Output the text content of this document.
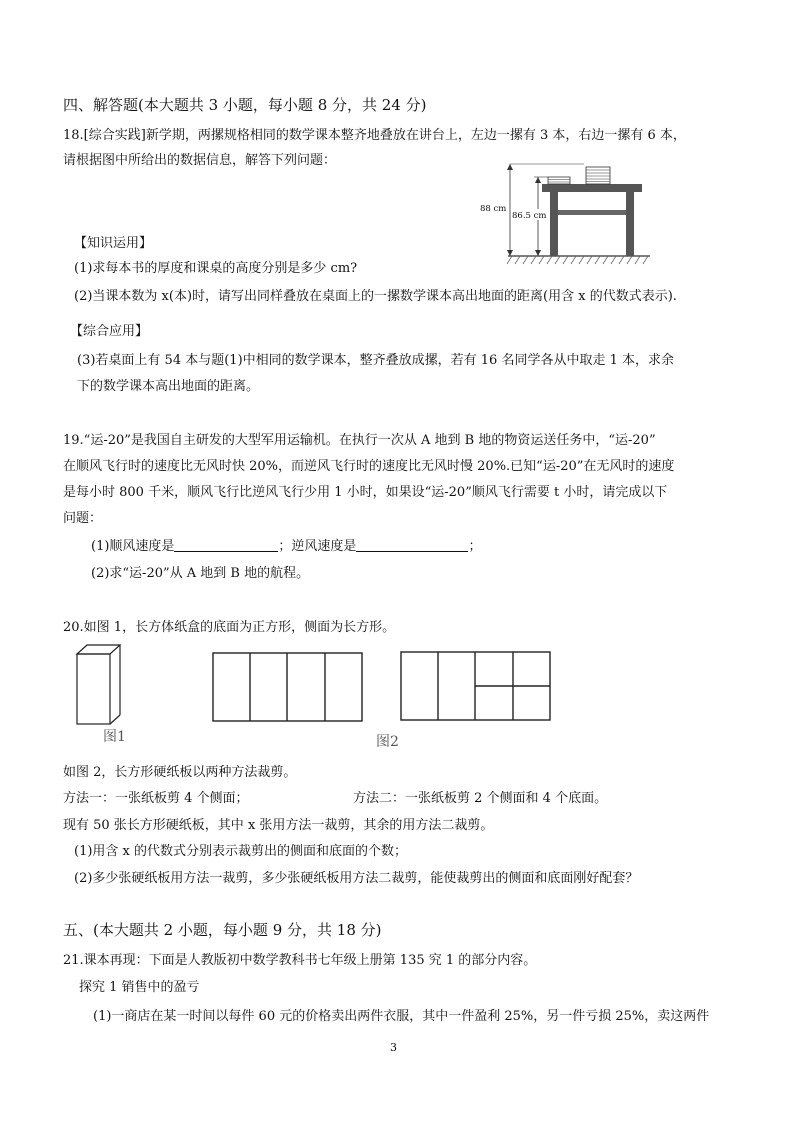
四、解答题(本大题共 3 小题，每小题 8 分，共 24 分)
18.[综合实践]新学期，两摞规格相同的数学课本整齐地叠放在讲台上，左边一摞有 3 本，右边一摞有 6 本，
请根据图中所给出的数据信息，解答下列问题：
88 cm
86.5 cm
【知识运用】
(1)求每本书的厚度和课桌的高度分别是多少 cm?
(2)当课本数为 x(本)时，请写出同样叠放在桌面上的一摞数学课本高出地面的距离(用含 x 的代数式表示).
【综合应用】
(3)若桌面上有 54 本与题(1)中相同的数学课本，整齐叠放成摞，若有 16 名同学各从中取走 1 本，求余
下的数学课本高出地面的距离。
19.“运-20”是我国自主研发的大型军用运输机。在执行一次从 A 地到 B 地的物资运送任务中，“运-20”
在顺风飞行时的速度比无风时快 20%，而逆风飞行时的速度比无风时慢 20%.已知“运-20”在无风时的速度
是每小时 800 千米，顺风飞行比逆风飞行少用 1 小时，如果设“运-20”顺风飞行需要 t 小时，请完成以下
问题：
(1)顺风速度是	；逆风速度是	；
(2)求“运-20”从 A 地到 B 地的航程。
20.如图 1，长方体纸盒的底面为正方形，侧面为长方形。
图1	图2
如图 2，长方形硬纸板以两种方法裁剪。
方法一：一张纸板剪 4 个侧面；	方法二：一张纸板剪 2 个侧面和 4 个底面。
现有 50 张长方形硬纸板，其中 x 张用方法一裁剪，其余的用方法二裁剪。
(1)用含 x 的代数式分别表示裁剪出的侧面和底面的个数；
(2)多少张硬纸板用方法一裁剪，多少张硬纸板用方法二裁剪，能使裁剪出的侧面和底面刚好配套？
五、(本大题共 2 小题，每小题 9 分，共 18 分)
21.课本再现：下面是人教版初中数学教科书七年级上册第 135 究 1 的部分内容。
探究 1 销售中的盈亏
(1)一商店在某一时间以每件 60 元的价格卖出两件衣服，其中一件盈利 25%，另一件亏损 25%，卖这两件
3
